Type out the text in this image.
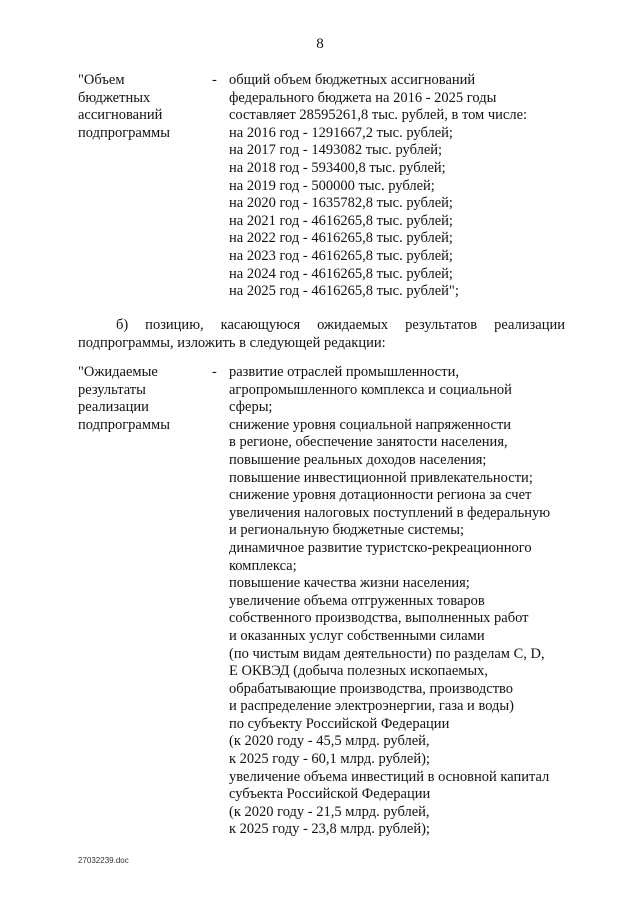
8
"Объем
бюджетных
ассигнований
подпрограммы
- общий объем бюджетных ассигнований
федерального бюджета на 2016 - 2025 годы
составляет 28595261,8 тыс. рублей, в том числе:
на 2016 год - 1291667,2 тыс. рублей;
на 2017 год - 1493082 тыс. рублей;
на 2018 год - 593400,8 тыс. рублей;
на 2019 год - 500000 тыс. рублей;
на 2020 год - 1635782,8 тыс. рублей;
на 2021 год - 4616265,8 тыс. рублей;
на 2022 год - 4616265,8 тыс. рублей;
на 2023 год - 4616265,8 тыс. рублей;
на 2024 год - 4616265,8 тыс. рублей;
на 2025 год - 4616265,8 тыс. рублей";
б) позицию, касающуюся ожидаемых результатов реализации
подпрограммы, изложить в следующей редакции:
"Ожидаемые
результаты
реализации
подпрограммы
- развитие отраслей промышленности,
агропромышленного комплекса и социальной
сферы;
снижение уровня социальной напряженности
в регионе, обеспечение занятости населения,
повышение реальных доходов населения;
повышение инвестиционной привлекательности;
снижение уровня дотационности региона за счет
увеличения налоговых поступлений в федеральную
и региональную бюджетные системы;
динамичное развитие туристско-рекреационного
комплекса;
повышение качества жизни населения;
увеличение объема отгруженных товаров
собственного производства, выполненных работ
и оказанных услуг собственными силами
(по чистым видам деятельности) по разделам C, D,
E ОКВЭД (добыча полезных ископаемых,
обрабатывающие производства, производство
и распределение электроэнергии, газа и воды)
по субъекту Российской Федерации
(к 2020 году - 45,5 млрд. рублей,
к 2025 году - 60,1 млрд. рублей);
увеличение объема инвестиций в основной капитал
субъекта Российской Федерации
(к 2020 году - 21,5 млрд. рублей,
к 2025 году - 23,8 млрд. рублей);
27032239.doc
